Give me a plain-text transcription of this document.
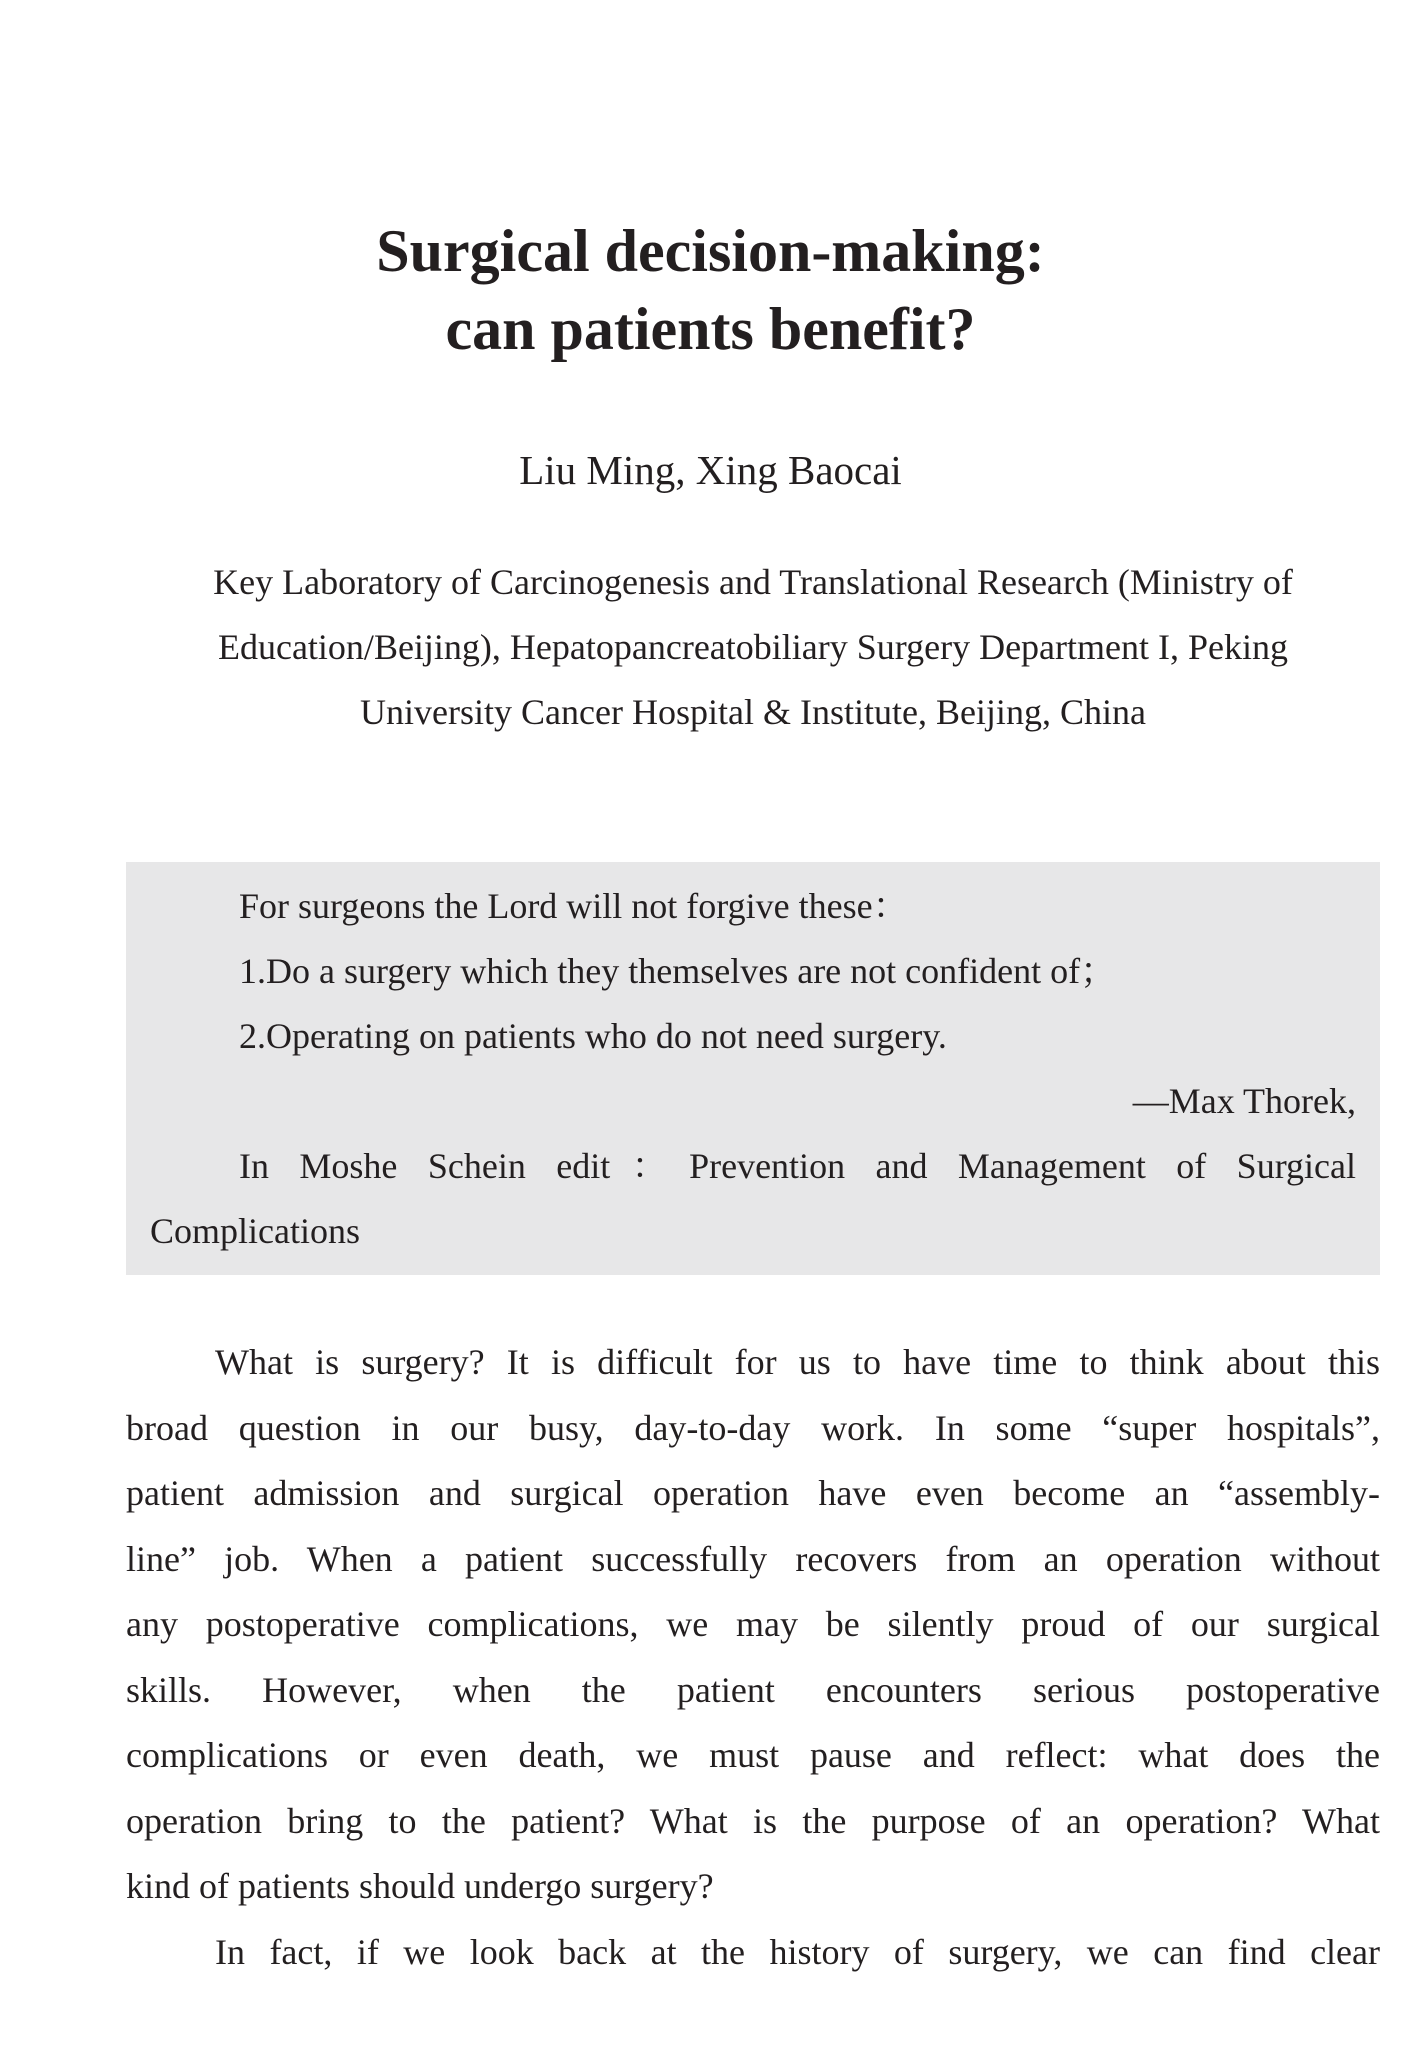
Surgical decision-making:
can patients benefit?
Liu Ming, Xing Baocai
Key Laboratory of Carcinogenesis and Translational Research (Ministry of
Education/Beijing), Hepatopancreatobiliary Surgery Department I, Peking
University Cancer Hospital & Institute, Beijing, China
For surgeons the Lord will not forgive these：
1.Do a surgery which they themselves are not confident of；
2.Operating on patients who do not need surgery.
—Max Thorek,
In Moshe Schein edit：Prevention and Management of Surgical
Complications
What is surgery? It is difficult for us to have time to think about this
broad question in our busy, day-to-day work. In some “super hospitals”,
patient admission and surgical operation have even become an “assembly-
line” job. When a patient successfully recovers from an operation without
any postoperative complications, we may be silently proud of our surgical
skills. However, when the patient encounters serious postoperative
complications or even death, we must pause and reflect: what does the
operation bring to the patient? What is the purpose of an operation? What
kind of patients should undergo surgery?
In fact, if we look back at the history of surgery, we can find clear
